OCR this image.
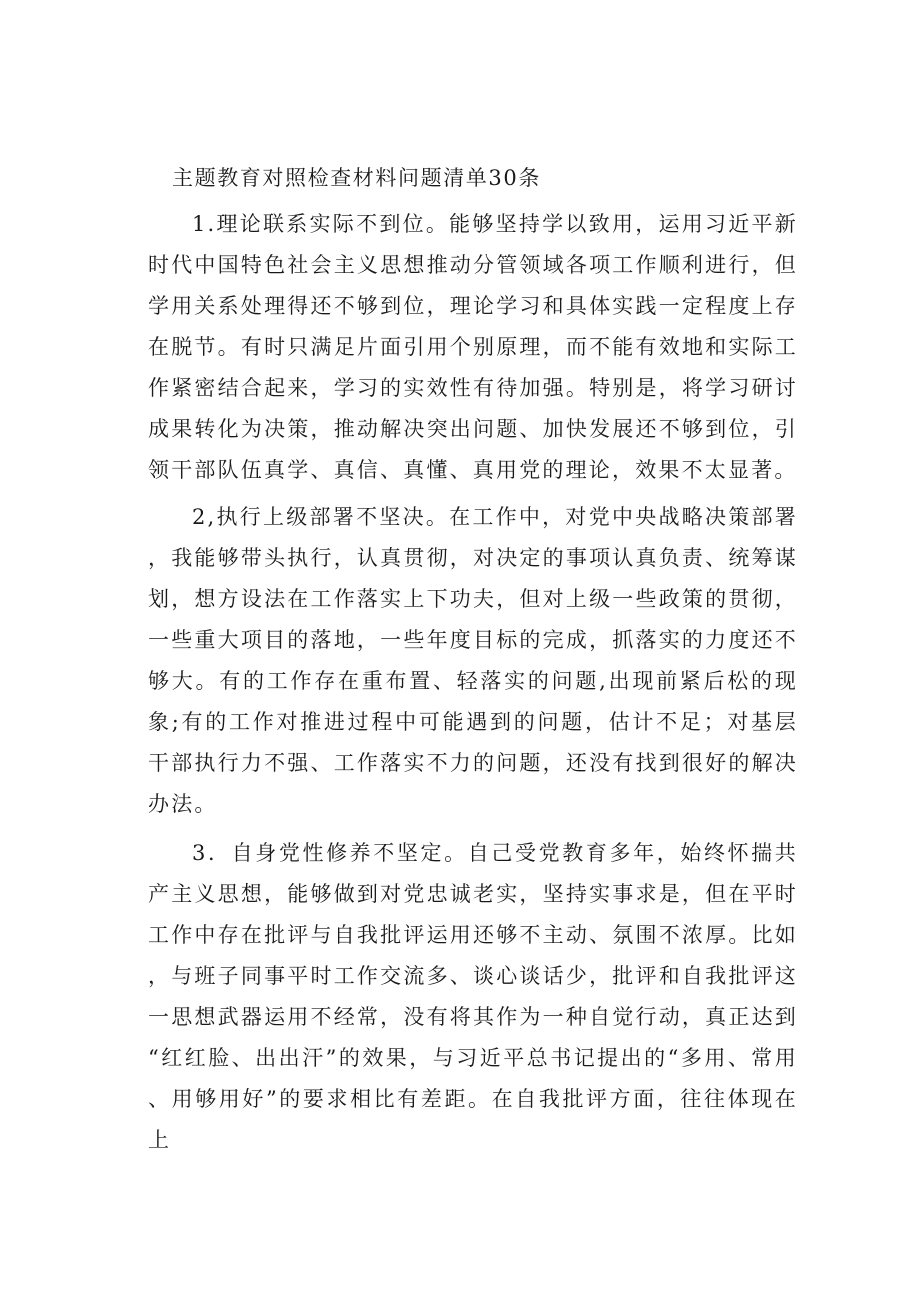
主题教育对照检查材料问题清单30条

1.理论联系实际不到位。能够坚持学以致用，运用习近平新时代中国特色社会主义思想推动分管领域各项工作顺利进行，但学用关系处理得还不够到位，理论学习和具体实践一定程度上存在脱节。有时只满足片面引用个别原理，而不能有效地和实际工作紧密结合起来，学习的实效性有待加强。特别是，将学习研讨成果转化为决策，推动解决突出问题、加快发展还不够到位，引领干部队伍真学、真信、真懂、真用党的理论，效果不太显著。

2,执行上级部署不坚决。在工作中，对党中央战略决策部署，我能够带头执行，认真贯彻，对决定的事项认真负责、统筹谋划，想方设法在工作落实上下功夫，但对上级一些政策的贯彻，一些重大项目的落地，一些年度目标的完成，抓落实的力度还不够大。有的工作存在重布置、轻落实的问题,出现前紧后松的现象;有的工作对推进过程中可能遇到的问题，估计不足；对基层干部执行力不强、工作落实不力的问题，还没有找到很好的解决办法。

3．自身党性修养不坚定。自己受党教育多年，始终怀揣共产主义思想，能够做到对党忠诚老实，坚持实事求是，但在平时工作中存在批评与自我批评运用还够不主动、氛围不浓厚。比如，与班子同事平时工作交流多、谈心谈话少，批评和自我批评这一思想武器运用不经常，没有将其作为一种自觉行动，真正达到“红红脸、出出汗”的效果，与习近平总书记提出的“多用、常用、用够用好”的要求相比有差距。在自我批评方面，往往体现在上
